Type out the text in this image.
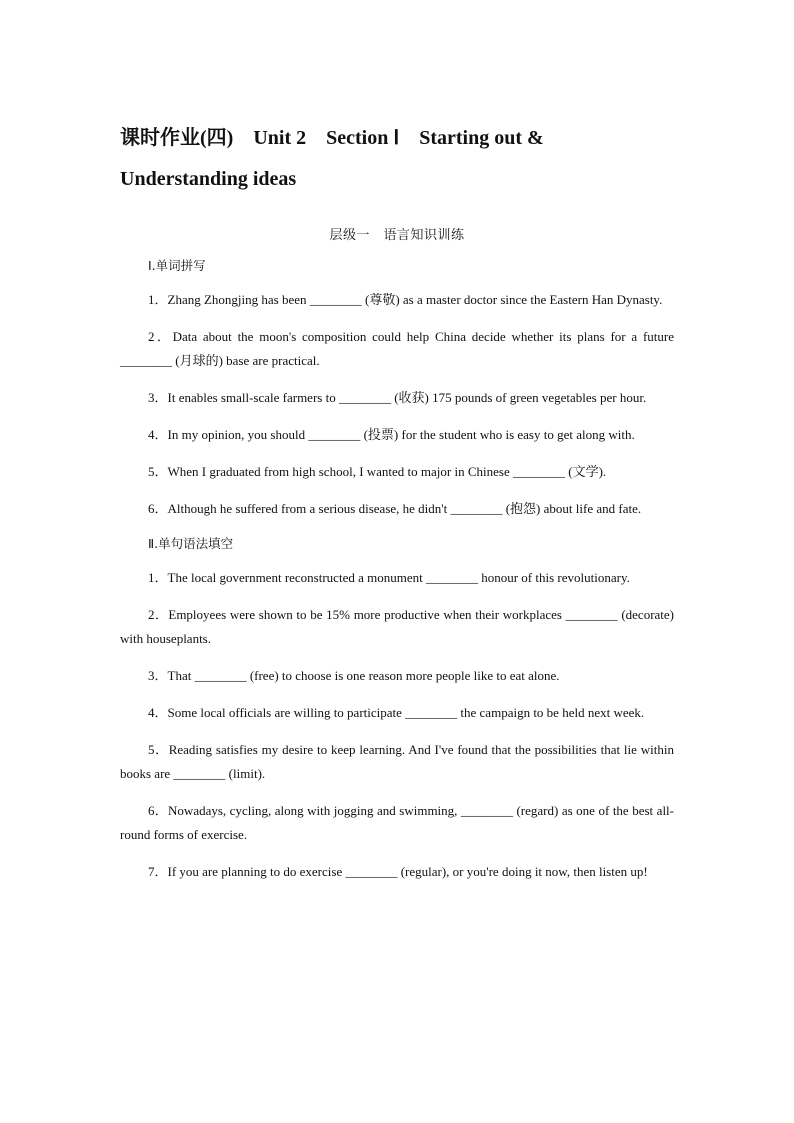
课时作业(四)　Unit 2　Section Ⅰ　Starting out &
Understanding ideas

层级一　语言知识训练
Ⅰ.单词拼写

1．Zhang Zhongjing has been ________ (尊敬) as a master doctor since the Eastern Han Dynasty.

2．Data about the moon's composition could help China decide whether its plans for a future ________ (月球的) base are practical.

3．It enables small-scale farmers to ________ (收获) 175 pounds of green vegetables per hour.

4．In my opinion, you should ________ (投票) for the student who is easy to get along with.

5．When I graduated from high school, I wanted to major in Chinese ________ (文学).

6．Although he suffered from a serious disease, he didn't ________ (抱怨) about life and fate.

Ⅱ.单句语法填空

1．The local government reconstructed a monument ________ honour of this revolutionary.

2．Employees were shown to be 15% more productive when their workplaces ________ (decorate) with houseplants.

3．That ________ (free) to choose is one reason more people like to eat alone.

4．Some local officials are willing to participate ________ the campaign to be held next week.

5．Reading satisfies my desire to keep learning. And I've found that the possibilities that lie within books are ________ (limit).

6．Nowadays, cycling, along with jogging and swimming, ________ (regard) as one of the best all-round forms of exercise.

7．If you are planning to do exercise ________ (regular), or you're doing it now, then listen up!
